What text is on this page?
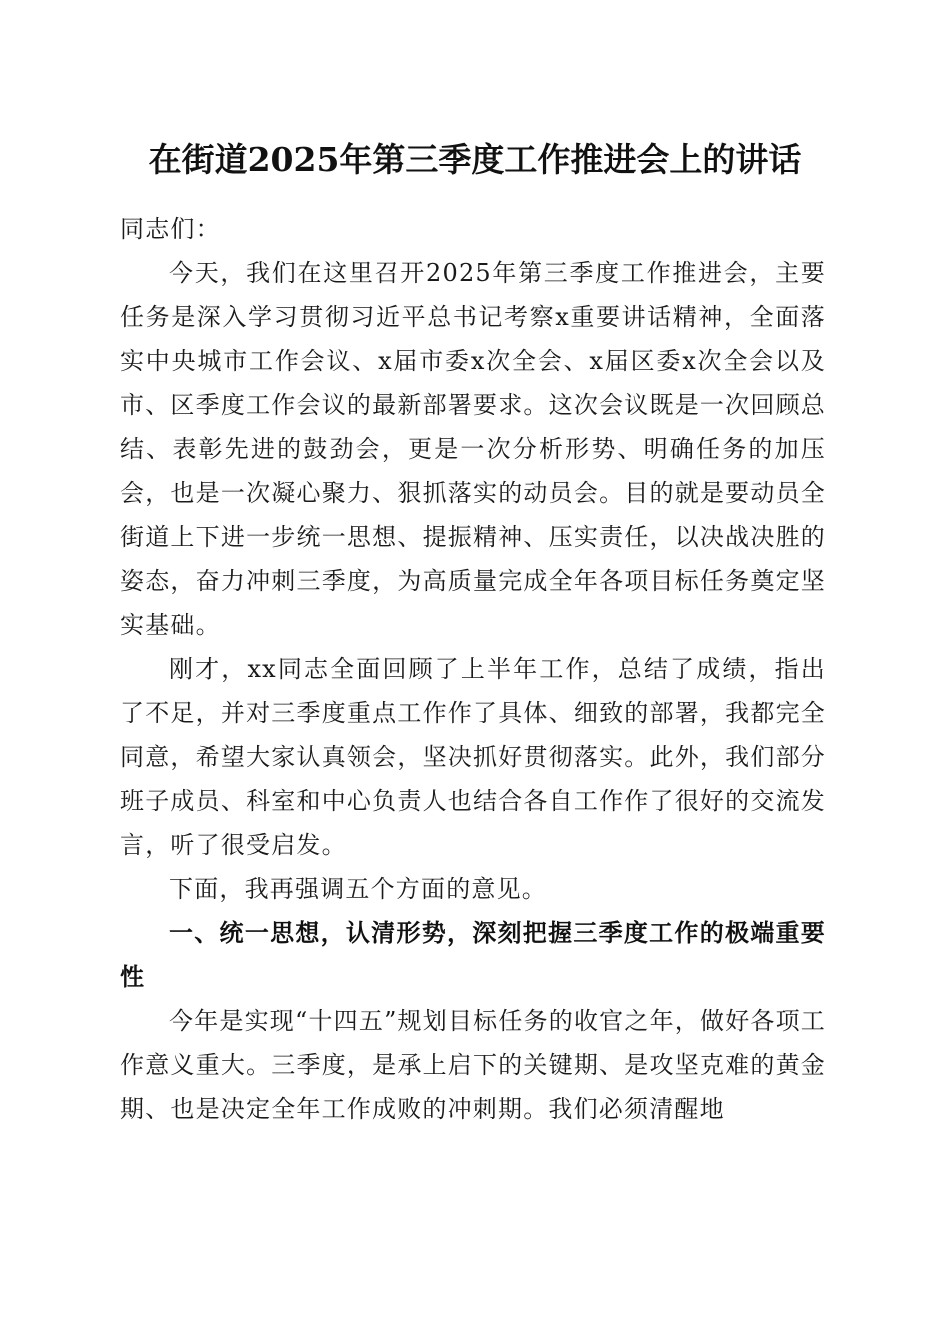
在街道2025年第三季度工作推进会上的讲话

同志们：

今天，我们在这里召开2025年第三季度工作推进会，主要任务是深入学习贯彻习近平总书记考察x重要讲话精神，全面落实中央城市工作会议、x届市委x次全会、x届区委x次全会以及市、区季度工作会议的最新部署要求。这次会议既是一次回顾总结、表彰先进的鼓劲会，更是一次分析形势、明确任务的加压会，也是一次凝心聚力、狠抓落实的动员会。目的就是要动员全街道上下进一步统一思想、提振精神、压实责任，以决战决胜的姿态，奋力冲刺三季度，为高质量完成全年各项目标任务奠定坚实基础。

刚才，xx同志全面回顾了上半年工作，总结了成绩，指出了不足，并对三季度重点工作作了具体、细致的部署，我都完全同意，希望大家认真领会，坚决抓好贯彻落实。此外，我们部分班子成员、科室和中心负责人也结合各自工作作了很好的交流发言，听了很受启发。

下面，我再强调五个方面的意见。

一、统一思想，认清形势，深刻把握三季度工作的极端重要性

今年是实现“十四五”规划目标任务的收官之年，做好各项工作意义重大。三季度，是承上启下的关键期、是攻坚克难的黄金期、也是决定全年工作成败的冲刺期。我们必须清醒地
